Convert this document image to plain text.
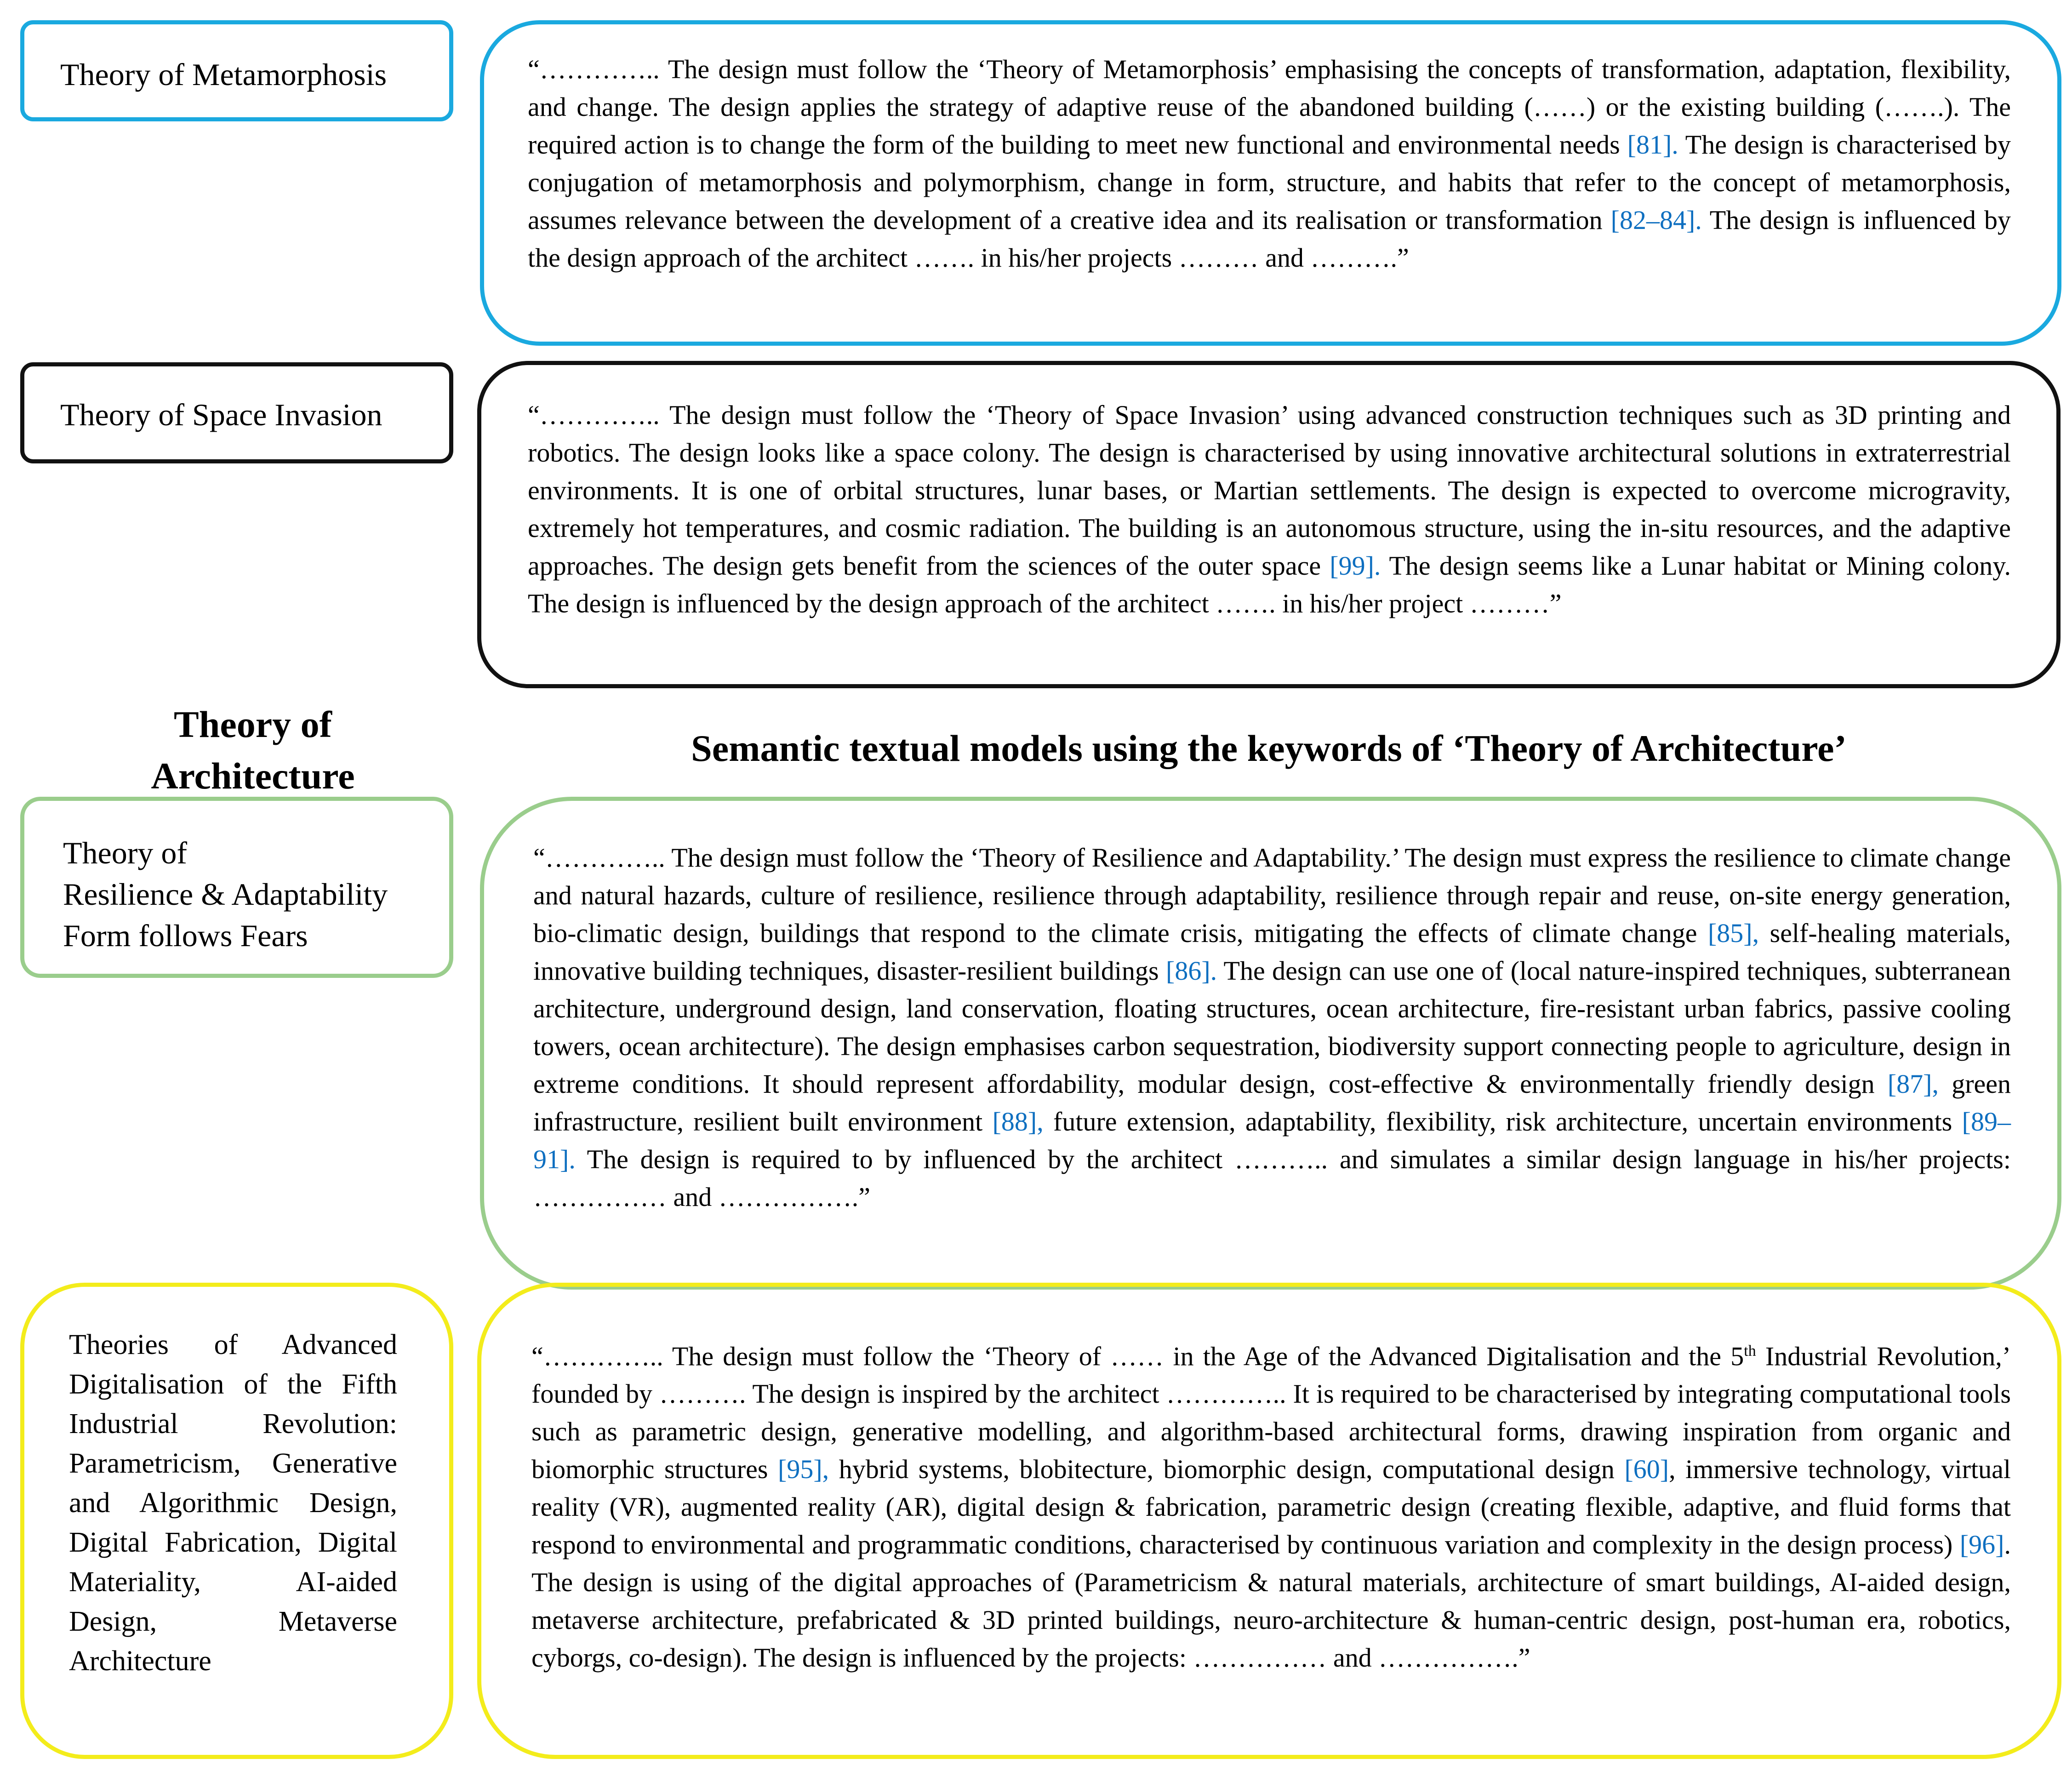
Theory of Metamorphosis	“………….. The design must follow the ‘Theory of Metamorphosis’ emphasising the concepts of transformation, adaptation, flexibility, and change. The design applies the strategy of adaptive reuse of the abandoned building (……) or the existing building (…….). The required action is to change the form of the building to meet new functional and environmental needs [81]. The design is characterised by conjugation of metamorphosis and polymorphism, change in form, structure, and habits that refer to the concept of metamorphosis, assumes relevance between the development of a creative idea and its realisation or transformation [82–84]. The design is influenced by the design approach of the architect ……. in his/her projects ……… and ……….”
Theory of Space Invasion	“………….. The design must follow the ‘Theory of Space Invasion’ using advanced construction techniques such as 3D printing and robotics. The design looks like a space colony. The design is characterised by using innovative architectural solutions in extraterrestrial environments. It is one of orbital structures, lunar bases, or Martian settlements. The design is expected to overcome microgravity, extremely hot temperatures, and cosmic radiation. The building is an autonomous structure, using the in-situ resources, and the adaptive approaches. The design gets benefit from the sciences of the outer space [99]. The design seems like a Lunar habitat or Mining colony. The design is influenced by the design approach of the architect ……. in his/her project ………”
Theory of
Architecture
Semantic textual models using the keywords of ‘Theory of Architecture’
Theory of
Resilience & Adaptability
Form follows Fears
“………….. The design must follow the ‘Theory of Resilience and Adaptability.’ The design must express the resilience to climate change and natural hazards, culture of resilience, resilience through adaptability, resilience through repair and reuse, on-site energy generation, bio-climatic design, buildings that respond to the climate crisis, mitigating the effects of climate change [85], self-healing materials, innovative building techniques, disaster-resilient buildings [86]. The design can use one of (local nature-inspired techniques, subterranean architecture, underground design, land conservation, floating structures, ocean architecture, fire-resistant urban fabrics, passive cooling towers, ocean architecture). The design emphasises carbon sequestration, biodiversity support connecting people to agriculture, design in extreme conditions. It should represent affordability, modular design, cost-effective & environmentally friendly design [87], green infrastructure, resilient built environment [88], future extension, adaptability, flexibility, risk architecture, uncertain environments [89–91]. The design is required to by influenced by the architect ……….. and simulates a similar design language in his/her projects: …………… and …………….”
Theories of Advanced Digitalisation of the Fifth Industrial Revolution: Parametricism, Generative and Algorithmic Design, Digital Fabrication, Digital Materiality, AI-aided Design, Metaverse Architecture
“………….. The design must follow the ‘Theory of …… in the Age of the Advanced Digitalisation and the 5th Industrial Revolution,’ founded by ………. The design is inspired by the architect ………….. It is required to be characterised by integrating computational tools such as parametric design, generative modelling, and algorithm-based architectural forms, drawing inspiration from organic and biomorphic structures [95], hybrid systems, blobitecture, biomorphic design, computational design [60], immersive technology, virtual reality (VR), augmented reality (AR), digital design & fabrication, parametric design (creating flexible, adaptive, and fluid forms that respond to environmental and programmatic conditions, characterised by continuous variation and complexity in the design process) [96]. The design is using of the digital approaches of (Parametricism & natural materials, architecture of smart buildings, AI-aided design, metaverse architecture, prefabricated & 3D printed buildings, neuro-architecture & human-centric design, post-human era, robotics, cyborgs, co-design). The design is influenced by the projects: …………… and …………….”
